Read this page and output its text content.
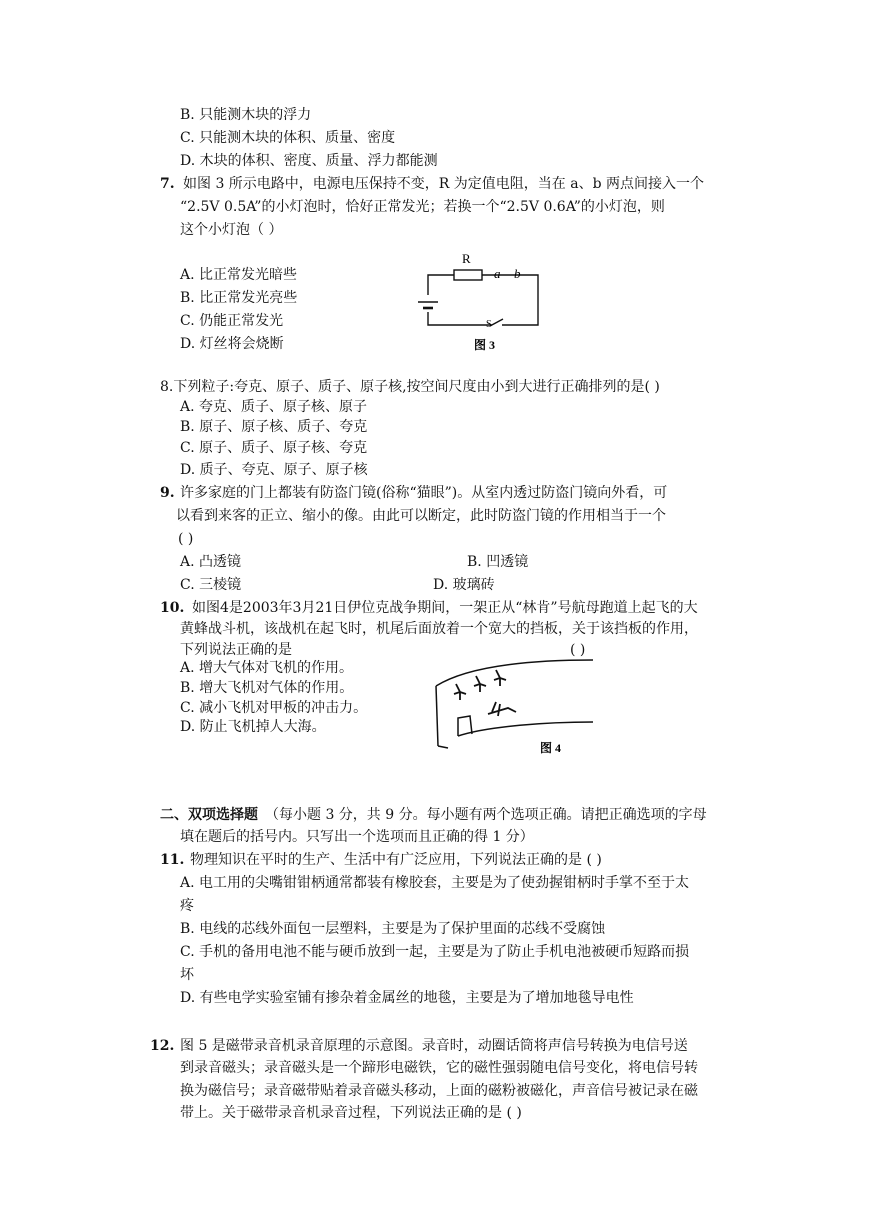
B. 只能测木块的浮力
C. 只能测木块的体积、质量、密度
D. 木块的体积、密度、质量、浮力都能测
7. 如图 3 所示电路中，电源电压保持不变，R 为定值电阻，当在 a、b 两点间接入一个
“2.5V 0.5A”的小灯泡时，恰好正常发光；若换一个“2.5V 0.6A”的小灯泡，则
这个小灯泡（ ）
A. 比正常发光暗些
B. 比正常发光亮些
C. 仍能正常发光
D. 灯丝将会烧断
R
a b
S
图 3
8.下列粒子:夸克、原子、质子、原子核,按空间尺度由小到大进行正确排列的是( )
A. 夸克、质子、原子核、原子
B. 原子、原子核、质子、夸克
C. 原子、质子、原子核、夸克
D. 质子、夸克、原子、原子核
9. 许多家庭的门上都装有防盗门镜(俗称“猫眼”)。从室内透过防盗门镜向外看，可
以看到来客的正立、缩小的像。由此可以断定，此时防盗门镜的作用相当于一个
( )
A. 凸透镜	B. 凹透镜
C. 三棱镜	D. 玻璃砖
10. 如图4是2003年3月21日伊位克战争期间，一架正从“林肯”号航母跑道上起飞的大
黄蜂战斗机，该战机在起飞时，机尾后面放着一个宽大的挡板，关于该挡板的作用，
下列说法正确的是	( )
A. 增大气体对飞机的作用。
B. 增大飞机对气体的作用。
C. 减小飞机对甲板的冲击力。
D. 防止飞机掉人大海。
图 4
二、双项选择题 （每小题 3 分，共 9 分。每小题有两个选项正确。请把正确选项的字母
填在题后的括号内。只写出一个选项而且正确的得 1 分）
11. 物理知识在平时的生产、生活中有广泛应用，下列说法正确的是 ( )
A. 电工用的尖嘴钳钳柄通常都装有橡胶套，主要是为了使劲握钳柄时手掌不至于太
疼
B. 电线的芯线外面包一层塑料，主要是为了保护里面的芯线不受腐蚀
C. 手机的备用电池不能与硬币放到一起，主要是为了防止手机电池被硬币短路而损
坏
D. 有些电学实验室铺有掺杂着金属丝的地毯，主要是为了增加地毯导电性
12. 图 5 是磁带录音机录音原理的示意图。录音时，动圈话筒将声信号转换为电信号送
到录音磁头；录音磁头是一个蹄形电磁铁，它的磁性强弱随电信号变化，将电信号转
换为磁信号；录音磁带贴着录音磁头移动，上面的磁粉被磁化，声音信号被记录在磁
带上。关于磁带录音机录音过程，下列说法正确的是 ( )
